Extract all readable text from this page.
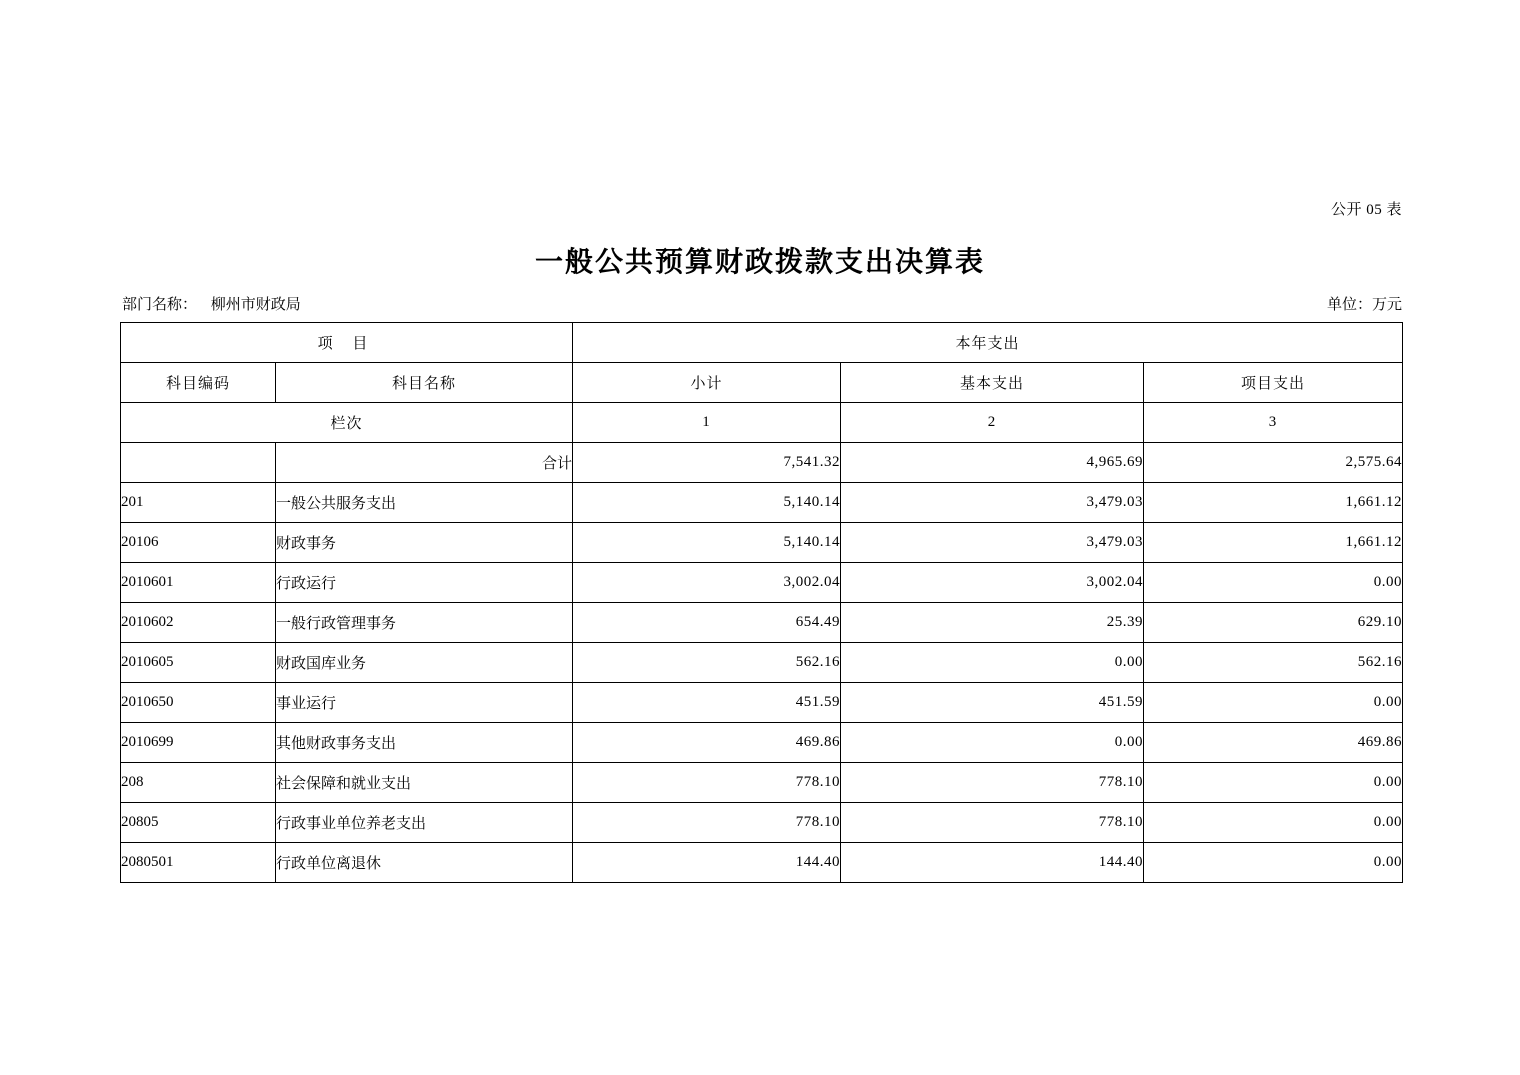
公开 05 表
一般公共预算财政拨款支出决算表
部门名称： 柳州市财政局	单位：万元
项 目		本年支出		
科目编码	科目名称	小计	基本支出	项目支出
栏次		1	2	3
	合计	7,541.32	4,965.69	2,575.64
201	一般公共服务支出	5,140.14	3,479.03	1,661.12
20106	财政事务	5,140.14	3,479.03	1,661.12
2010601	行政运行	3,002.04	3,002.04	0.00
2010602	一般行政管理事务	654.49	25.39	629.10
2010605	财政国库业务	562.16	0.00	562.16
2010650	事业运行	451.59	451.59	0.00
2010699	其他财政事务支出	469.86	0.00	469.86
208	社会保障和就业支出	778.10	778.10	0.00
20805	行政事业单位养老支出	778.10	778.10	0.00
2080501	行政单位离退休	144.40	144.40	0.00
